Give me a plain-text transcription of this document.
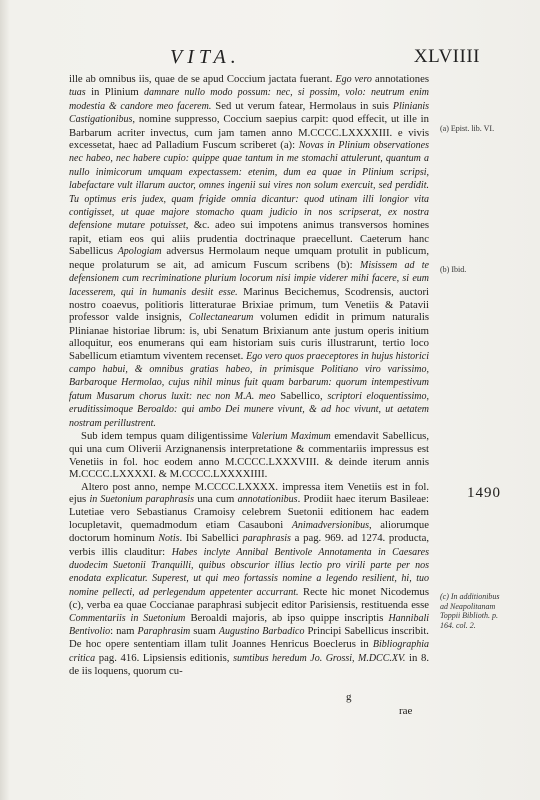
VITA.	XLVIIII

ille ab omnibus iis, quae de se apud Coccium jactata fuerant. Ego vero annotationes tuas in Plinium damnare nullo modo possum: nec, si possim, volo: neutrum enim modestia & candore meo facerem. Sed ut verum fatear, Hermolaus in suis Plinianis Castigationibus, nomine suppresso, Coccium saepius carpit: quod effecit, ut ille in Barbarum acriter invectus, cum jam tamen anno M.CCCC.LXXXXIII. e vivis excessetat, haec ad Palladium Fuscum scriberet (a): Novas in Plinium observationes nec habeo, nec habere cupio: quippe quae tantum in me stomachi attulerunt, quantum a nullo inimicorum umquam expectassem: etenim, dum ea quae in Plinium scripsi, labefactare vult illarum auctor, omnes ingenii sui vires non solum exercuit, sed perdidit. Tu optimus eris judex, quam frigide omnia dicantur: quod utinam illi longior vita contigisset, ut quae majore stomacho quam judicio in nos scripserat, ex nostra defensione mutare potuisset, &c. adeo sui impotens animus transversos homines rapit, etiam eos qui aliis prudentia doctrinaque praecellunt. Caeterum hanc Sabellicus Apologiam adversus Hermolaum neque umquam protulit in publicum, neque prolaturum se ait, ad amicum Fuscum scribens (b): Misissem ad te defensionem cum recriminatione plurium locorum nisi impie viderer mihi facere, si eum lacesserem, qui in humanis desiit esse. Marinus Becichemus, Scodrensis, auctori nostro coaevus, politioris litteraturae Brixiae primum, tum Venetiis & Patavii professor valde insignis, Collectanearum volumen edidit in primum naturalis Plinianae historiae librum: is, ubi Senatum Brixianum ante justum operis initium alloquitur, eos enumerans qui eam historiam suis curis illustrarunt, tertio loco Sabellicum etiamtum viventem recenset. Ego vero quos praeceptores in hujus historici campo habui, & omnibus gratias habeo, in primisque Politiano viro varissimo, Barbaroque Hermolao, cujus nihil minus fuit quam barbarum: quorum intempestivum fatum Musarum chorus luxit: nec non M.A. meo Sabellico, scriptori eloquentissimo, eruditissimoque Beroaldo: qui ambo Dei munere vivunt, & ad hoc vivunt, ut aetatem nostram perillustrent.

Sub idem tempus quam diligentissime Valerium Maximum emendavit Sabellicus, qui una cum Oliverii Arzignanensis interpretatione & commentariis impressus est Venetiis in fol. hoc eodem anno M.CCCC.LXXXVIII. & deinde iterum annis M.CCCC.LXXXXI. & M.CCCC.LXXXXIIII.

Altero post anno, nempe M.CCCC.LXXXX. impressa item Venetiis est in fol. ejus in Suetonium paraphrasis una cum annotationibus. Prodiit haec iterum Basileae: Lutetiae vero Sebastianus Cramoisy celebrem Suetonii editionem hac eadem locupletavit, quemadmodum etiam Casauboni Animadversionibus, aliorumque doctorum hominum Notis. Ibi Sabellici paraphrasis a pag. 969. ad 1274. producta, verbis illis clauditur: Habes inclyte Annibal Bentivole Annotamenta in Caesares duodecim Suetonii Tranquilli, quibus obscurior illius lectio pro virili parte per nos enodata explicatur. Superest, ut qui meo fortassis nomine a legendo resilient, hi, tuo nomine pellecti, ad perlegendum appetenter accurrant. Recte hic monet Nicodemus (c), verba ea quae Coccianae paraphrasi subjecit editor Parisiensis, restituenda esse Commentariis in Suetonium Beroaldi majoris, ab ipso quippe inscriptis Hannibali Bentivolio: nam Paraphrasim suam Augustino Barbadico Principi Sabellicus inscribit. De hoc opere sententiam illam tulit Joannes Henricus Boeclerus in Bibliographia critica pag. 416. Lipsiensis editionis, sumtibus heredum Jo. Grossi, M.DCC.XV. in 8. de iis loquens, quorum cu-

(a) Epist. lib. VI.
(b) Ibid.
1490
(c) In additionibus ad Neapolitanam Toppii Biblioth. p. 164. col. 2.
g
rae
